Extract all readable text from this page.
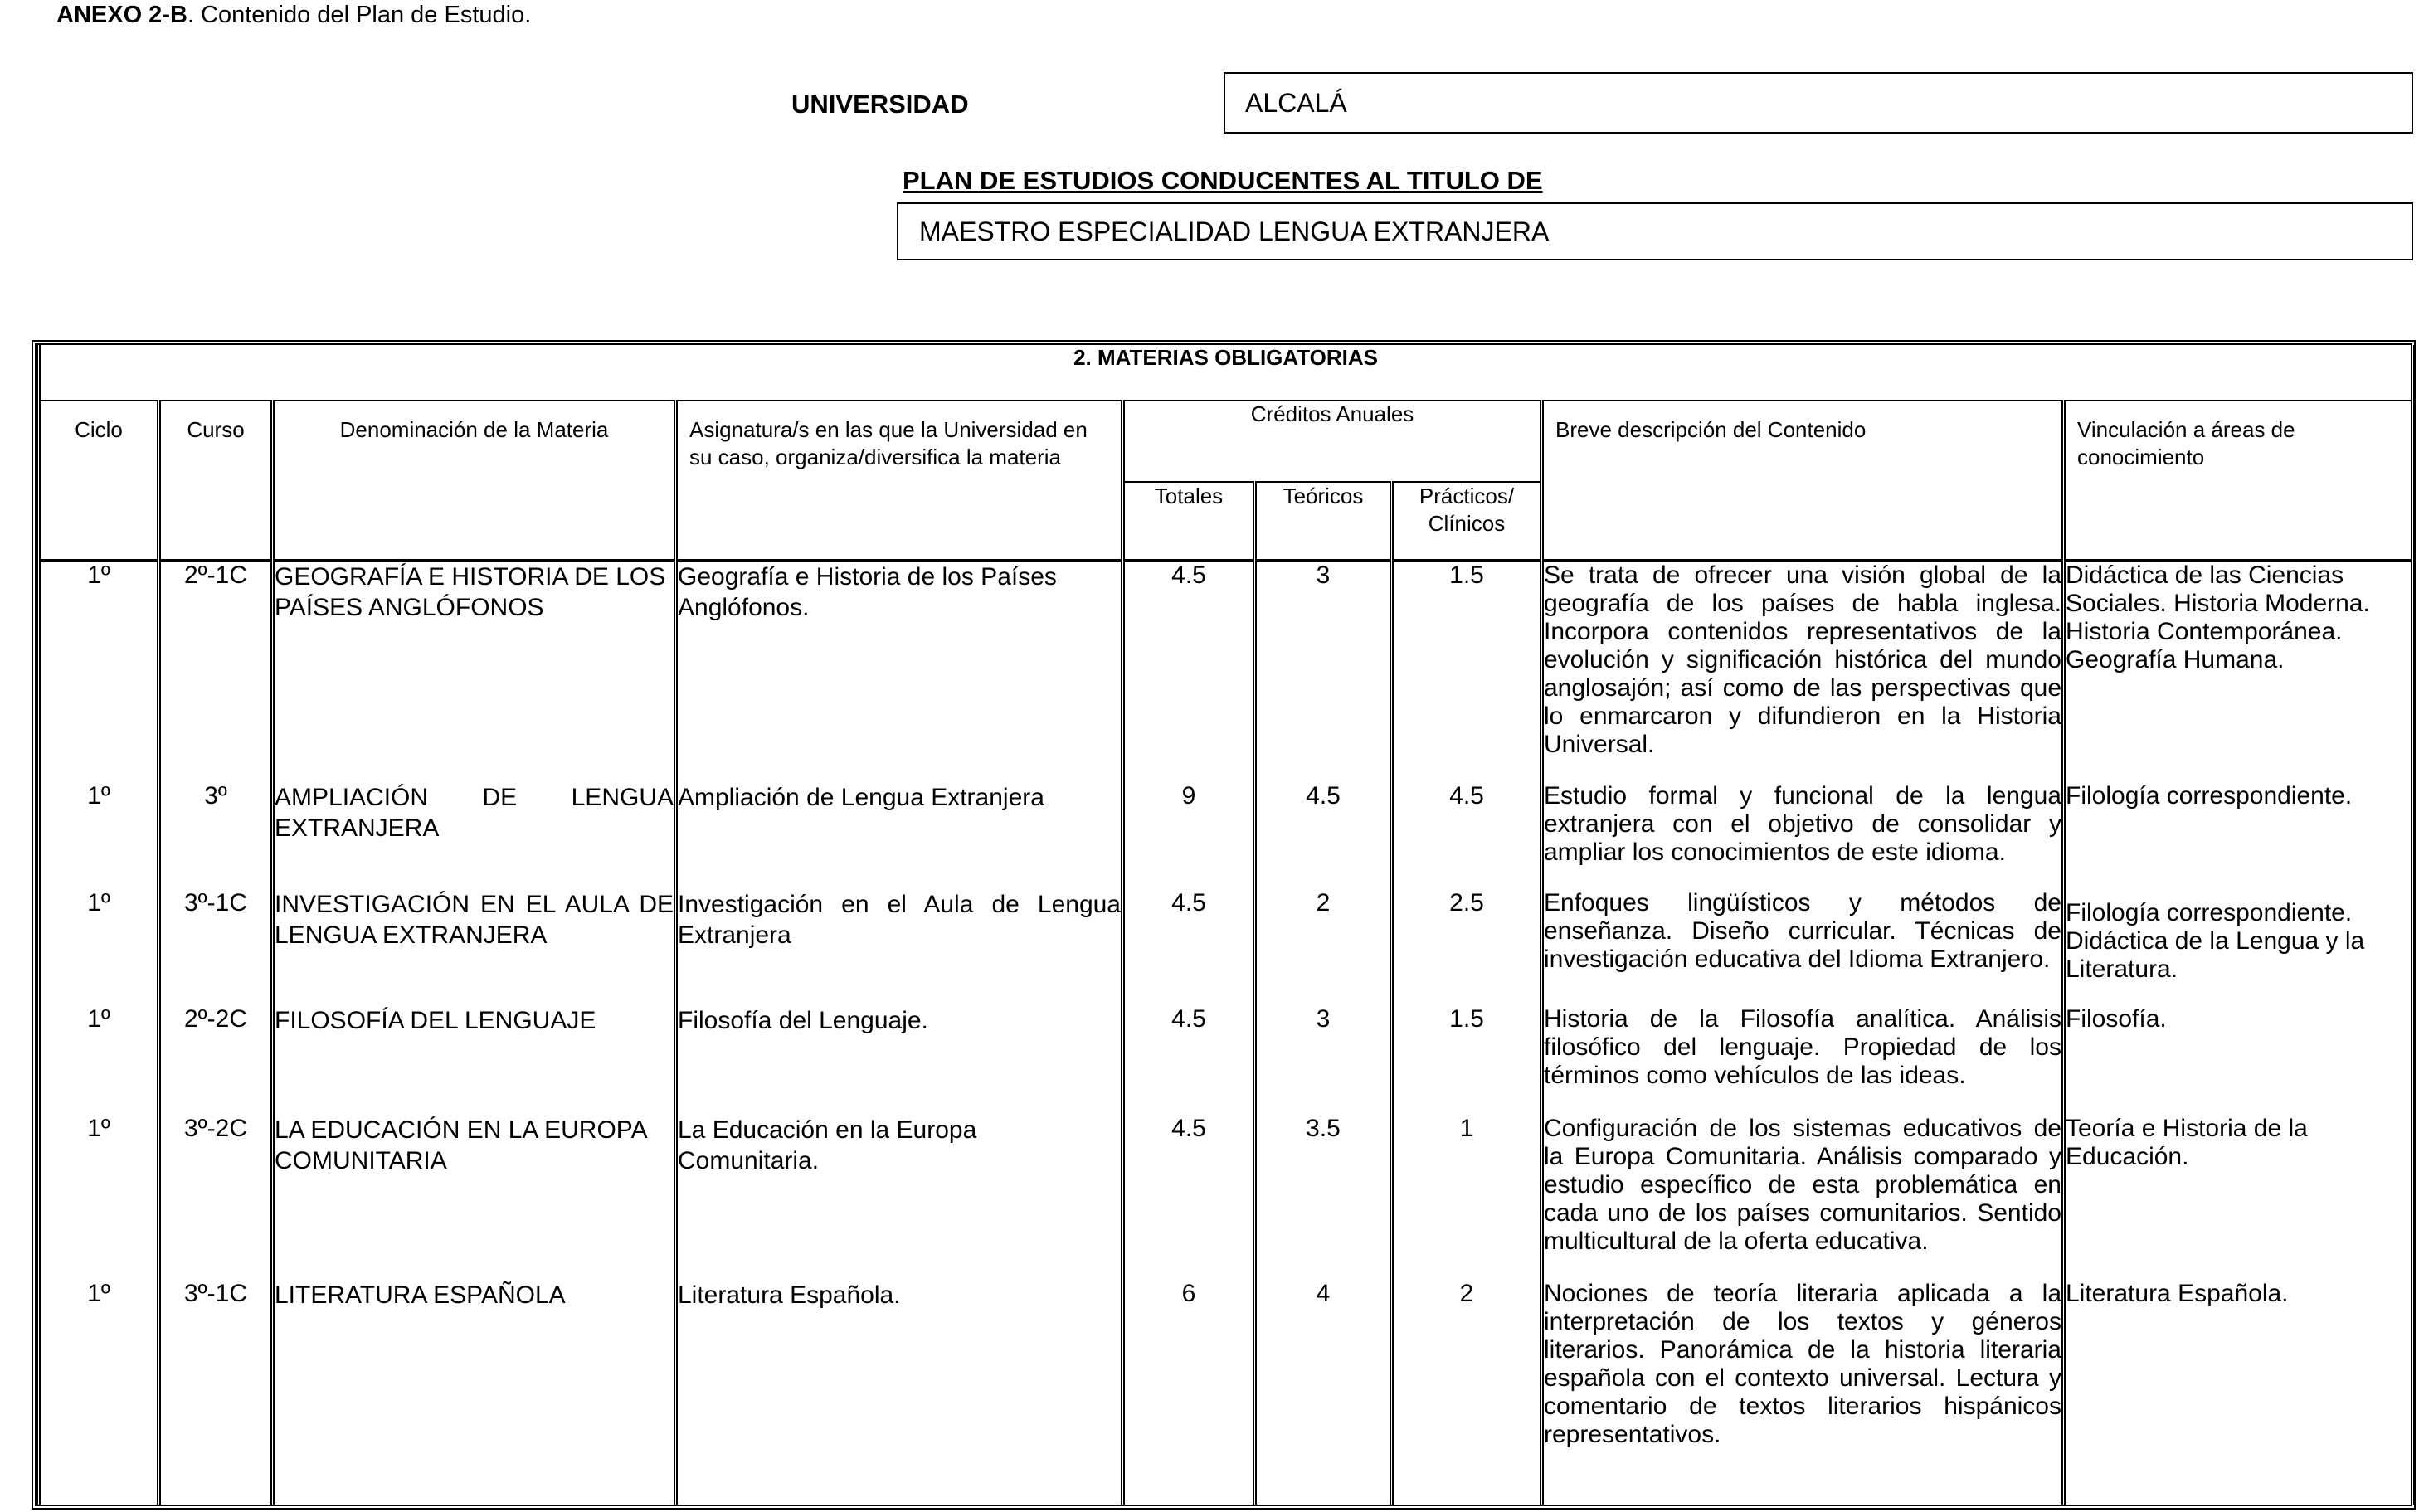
ANEXO 2-B. Contenido del Plan de Estudio.
UNIVERSIDAD	ALCALÁ
PLAN DE ESTUDIOS CONDUCENTES AL TITULO DE
MAESTRO ESPECIALIDAD LENGUA EXTRANJERA
2. MATERIAS OBLIGATORIAS								
Ciclo	Curso	Denominación de la Materia	Asignatura/s en las que la Universidad en su caso, organiza/diversifica la materia	Créditos Anuales			Breve descripción del Contenido	Vinculación a áreas de conocimiento
				Totales	Teóricos	Prácticos/ Clínicos		

1º	2º-1C	GEOGRAFÍA E HISTORIA DE LOS PAÍSES ANGLÓFONOS	Geografía e Historia de los Países Anglófonos.	4.5	3	1.5	Se trata de ofrecer una visión global de la geografía de los países de habla inglesa. Incorpora contenidos representativos de la evolución y significación histórica del mundo anglosajón; así como de las perspectivas que lo enmarcaron y difundieron en la Historia Universal.	Didáctica de las Ciencias Sociales. Historia Moderna. Historia Contemporánea. Geografía Humana.
1º	3º	AMPLIACIÓN DE LENGUA EXTRANJERA	Ampliación de Lengua Extranjera	9	4.5	4.5	Estudio formal y funcional de la lengua extranjera con el objetivo de consolidar y ampliar los conocimientos de este idioma.	Filología correspondiente.
1º	3º-1C	INVESTIGACIÓN EN EL AULA DE LENGUA EXTRANJERA	Investigación en el Aula de Lengua Extranjera	4.5	2	2.5	Enfoques lingüísticos y métodos de enseñanza. Diseño curricular. Técnicas de investigación educativa del Idioma Extranjero.	Filología correspondiente. Didáctica de la Lengua y la Literatura.
1º	2º-2C	FILOSOFÍA DEL LENGUAJE	Filosofía del Lenguaje.	4.5	3	1.5	Historia de la Filosofía analítica. Análisis filosófico del lenguaje. Propiedad de los términos como vehículos de las ideas.	Filosofía.
1º	3º-2C	LA EDUCACIÓN EN LA EUROPA COMUNITARIA	La Educación en la Europa Comunitaria.	4.5	3.5	1	Configuración de los sistemas educativos de la Europa Comunitaria. Análisis comparado y estudio específico de esta problemática en cada uno de los países comunitarios. Sentido multicultural de la oferta educativa.	Teoría e Historia de la Educación.
1º	3º-1C	LITERATURA ESPAÑOLA	Literatura Española.	6	4	2	Nociones de teoría literaria aplicada a la interpretación de los textos y géneros literarios. Panorámica de la historia literaria española con el contexto universal. Lectura y comentario de textos literarios hispánicos representativos.	Literatura Española.
